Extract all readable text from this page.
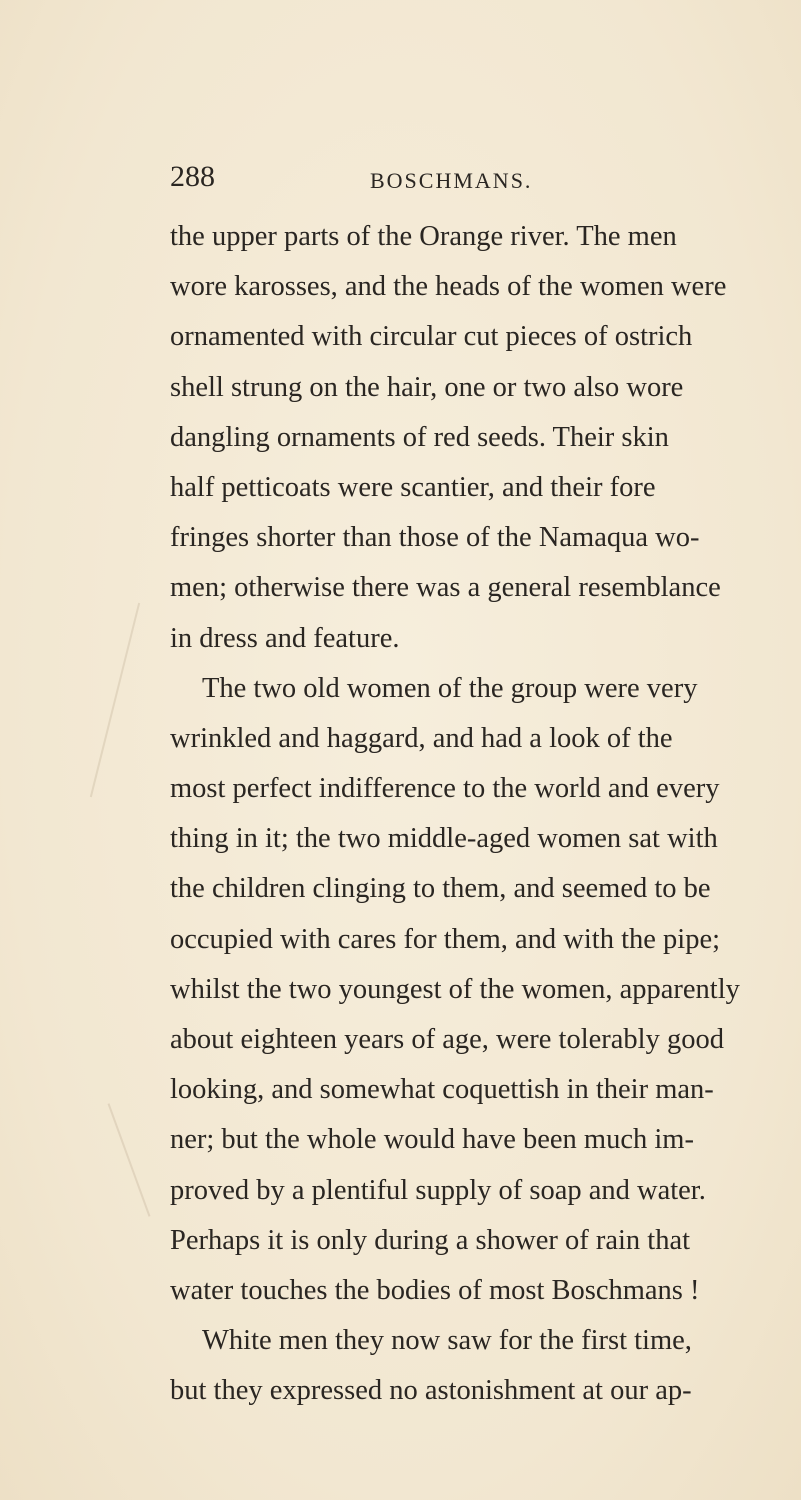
288	BOSCHMANS.
the upper parts of the Orange river. The men
wore karosses, and the heads of the women were
ornamented with circular cut pieces of ostrich
shell strung on the hair, one or two also wore
dangling ornaments of red seeds. Their skin
half petticoats were scantier, and their fore
fringes shorter than those of the Namaqua wo-
men; otherwise there was a general resemblance
in dress and feature.
The two old women of the group were very
wrinkled and haggard, and had a look of the
most perfect indifference to the world and every
thing in it; the two middle-aged women sat with
the children clinging to them, and seemed to be
occupied with cares for them, and with the pipe;
whilst the two youngest of the women, apparently
about eighteen years of age, were tolerably good
looking, and somewhat coquettish in their man-
ner; but the whole would have been much im-
proved by a plentiful supply of soap and water.
Perhaps it is only during a shower of rain that
water touches the bodies of most Boschmans !
White men they now saw for the first time,
but they expressed no astonishment at our ap-
